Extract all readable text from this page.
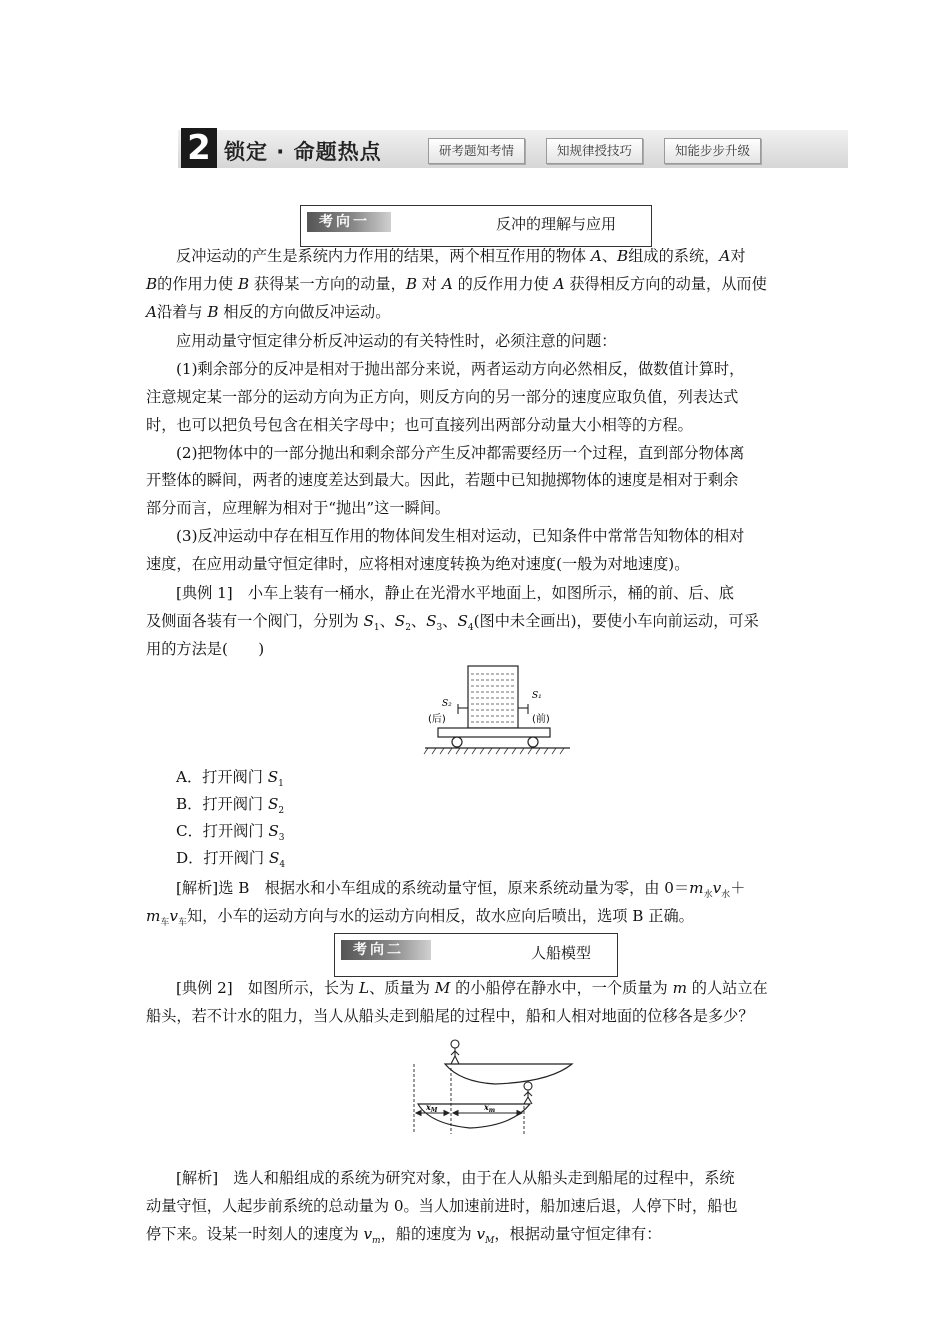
2 锁定 · 命题热点	研考题知考情	知规律授技巧	知能步步升级
考向一	反冲的理解与应用

反冲运动的产生是系统内力作用的结果，两个相互作用的物体 A、B组成的系统，A对

B的作用力使 B 获得某一方向的动量，B 对 A 的反作用力使 A 获得相反方向的动量，从而使

A沿着与 B 相反的方向做反冲运动。

应用动量守恒定律分析反冲运动的有关特性时，必须注意的问题：

(1)剩余部分的反冲是相对于抛出部分来说，两者运动方向必然相反，做数值计算时，

注意规定某一部分的运动方向为正方向，则反方向的另一部分的速度应取负值，列表达式

时，也可以把负号包含在相关字母中；也可直接列出两部分动量大小相等的方程。

(2)把物体中的一部分抛出和剩余部分产生反冲都需要经历一个过程，直到部分物体离

开整体的瞬间，两者的速度差达到最大。因此，若题中已知抛掷物体的速度是相对于剩余

部分而言，应理解为相对于“抛出”这一瞬间。

(3)反冲运动中存在相互作用的物体间发生相对运动，已知条件中常常告知物体的相对

速度，在应用动量守恒定律时，应将相对速度转换为绝对速度(一般为对地速度)。

[典例 1]　小车上装有一桶水，静止在光滑水平地面上，如图所示，桶的前、后、底

及侧面各装有一个阀门，分别为 $S_1$、$S_2$、$S_3$、$S_4$(图中未全画出)，要使小车向前运动，可采

用的方法是(　　)

S₂
S₁
(后)	(前)

A．打开阀门 $S_1$

B．打开阀门 $S_2$

C．打开阀门 $S_3$

D．打开阀门 $S_4$

[解析]选 B　根据水和小车组成的系统动量守恒，原来系统动量为零，由 $0=m_水v_水+$

$m_车v_车$知，小车的运动方向与水的运动方向相反，故水应向后喷出，选项 B 正确。

考向二	人船模型

[典例 2]　如图所示，长为 L、质量为 M 的小船停在静水中，一个质量为 m 的人站立在

船头，若不计水的阻力，当人从船头走到船尾的过程中，船和人相对地面的位移各是多少？

$x_M$	$x_m$

[解析]　选人和船组成的系统为研究对象，由于在人从船头走到船尾的过程中，系统

动量守恒，人起步前系统的总动量为 0。当人加速前进时，船加速后退，人停下时，船也

停下来。设某一时刻人的速度为 $v_m$，船的速度为 $v_M$，根据动量守恒定律有：
